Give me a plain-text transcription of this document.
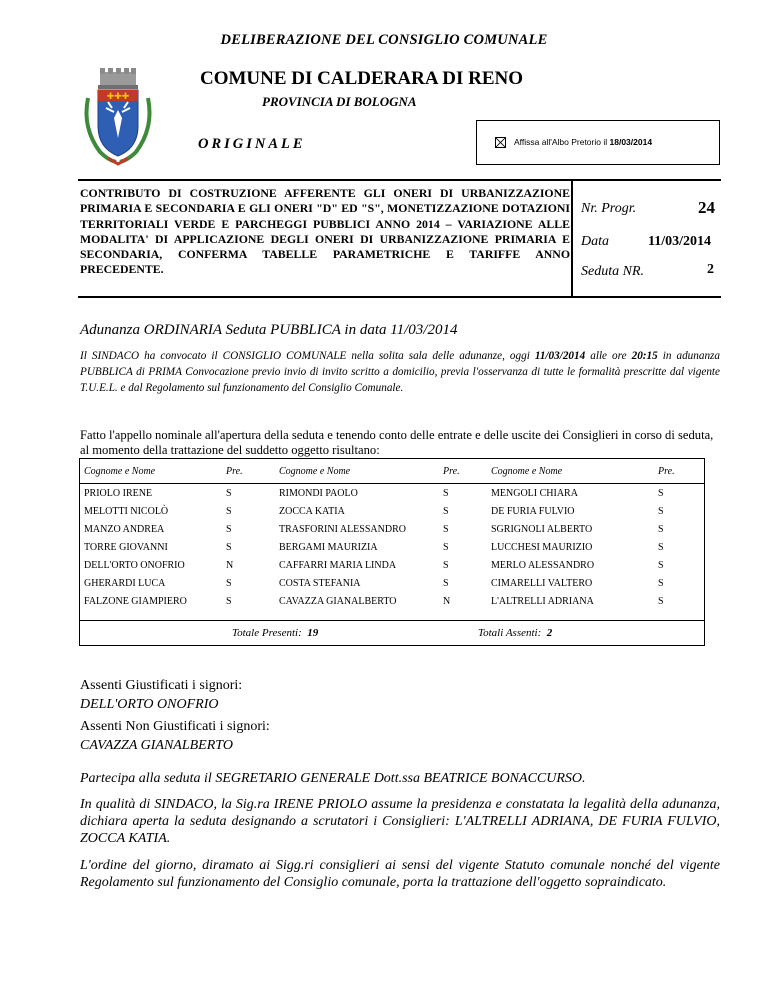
DELIBERAZIONE DEL CONSIGLIO COMUNALE
✚✚✚
COMUNE DI CALDERARA DI RENO
PROVINCIA DI BOLOGNA
ORIGINALE	Affissa all'Albo Pretorio il 18/03/2014
CONTRIBUTO DI COSTRUZIONE AFFERENTE GLI ONERI DI URBANIZZAZIONE PRIMARIA E SECONDARIA E GLI ONERI "D" ED "S", MONETIZZAZIONE DOTAZIONI TERRITORIALI VERDE E PARCHEGGI PUBBLICI ANNO 2014 – VARIAZIONE ALLE MODALITA' DI APPLICAZIONE DEGLI ONERI DI URBANIZZAZIONE PRIMARIA E SECONDARIA, CONFERMA TABELLE PARAMETRICHE E TARIFFE ANNO PRECEDENTE.
Nr. Progr.	24
Data	11/03/2014
Seduta NR.	2
Adunanza ORDINARIA Seduta PUBBLICA in data 11/03/2014
Il SINDACO ha convocato il CONSIGLIO COMUNALE nella solita sala delle adunanze, oggi 11/03/2014 alle ore 20:15 in adunanza PUBBLICA di PRIMA Convocazione previo invio di invito scritto a domicilio, previa l'osservanza di tutte le formalità prescritte dal vigente T.U.E.L. e dal Regolamento sul funzionamento del Consiglio Comunale.
Fatto l'appello nominale all'apertura della seduta e tenendo conto delle entrate e delle uscite dei Consiglieri in corso di seduta, al momento della trattazione del suddetto oggetto risultano:
Cognome e Nome	Pre.	Cognome e Nome	Pre.	Cognome e Nome	Pre.
PRIOLO IRENE	S	RIMONDI PAOLO	S	MENGOLI CHIARA	S
MELOTTI NICOLÒ	S	ZOCCA KATIA	S	DE FURIA FULVIO	S
MANZO ANDREA	S	TRASFORINI ALESSANDRO	S	SGRIGNOLI ALBERTO	S
TORRE GIOVANNI	S	BERGAMI MAURIZIA	S	LUCCHESI MAURIZIO	S
DELL'ORTO ONOFRIO	N	CAFFARRI MARIA LINDA	S	MERLO ALESSANDRO	S
GHERARDI LUCA	S	COSTA STEFANIA	S	CIMARELLI VALTERO	S
FALZONE GIAMPIERO	S	CAVAZZA GIANALBERTO	N	L'ALTRELLI ADRIANA	S
Totale Presenti: 19	Totali Assenti: 2
Assenti Giustificati i signori:
DELL'ORTO ONOFRIO
Assenti Non Giustificati i signori:
CAVAZZA GIANALBERTO
Partecipa alla seduta il SEGRETARIO GENERALE Dott.ssa BEATRICE BONACCURSO.
In qualità di SINDACO, la Sig.ra IRENE PRIOLO assume la presidenza e constatata la legalità della adunanza, dichiara aperta la seduta designando a scrutatori i Consiglieri: L'ALTRELLI ADRIANA, DE FURIA FULVIO, ZOCCA KATIA.
L'ordine del giorno, diramato ai Sigg.ri consiglieri ai sensi del vigente Statuto comunale nonché del vigente Regolamento sul funzionamento del Consiglio comunale, porta la trattazione dell'oggetto sopraindicato.
